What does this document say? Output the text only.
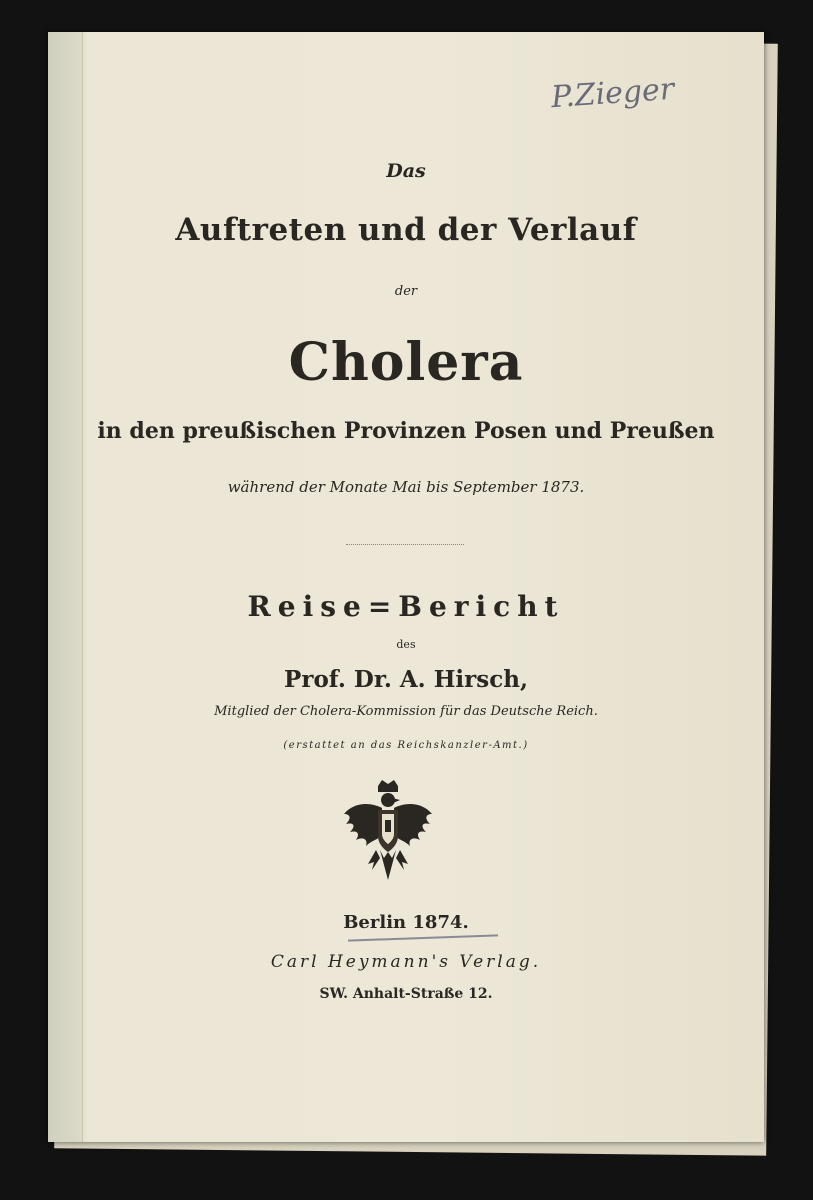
P.Zieger
Das
Auftreten und der Verlauf
der
Cholera
in den preußischen Provinzen Posen und Preußen
während der Monate Mai bis September 1873.
Reise=Bericht
des
Prof. Dr. A. Hirsch,
Mitglied der Cholera-Kommission für das Deutsche Reich.
(erstattet an das Reichskanzler-Amt.)
Berlin 1874.
Carl Heymann's Verlag.
SW. Anhalt-Straße 12.
